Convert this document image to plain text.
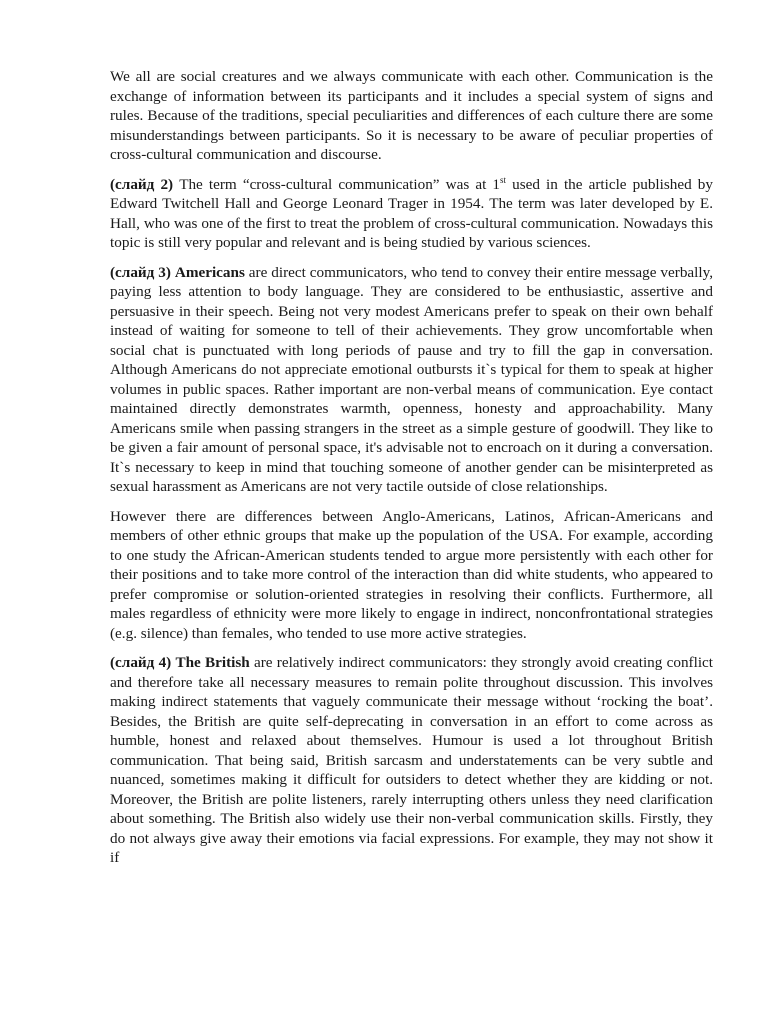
We all are social creatures and we always communicate with each other. Communication is the exchange of information between its participants and it includes a special system of signs and rules. Because of the traditions, special peculiarities and differences of each culture there are some misunderstandings between participants. So it is necessary to be aware of peculiar properties of cross-cultural communication and discourse.

(слайд 2) The term “cross-cultural communication” was at 1st used in the article published by Edward Twitchell Hall and George Leonard Trager in 1954. The term was later developed by E. Hall, who was one of the first to treat the problem of cross-cultural communication. Nowadays this topic is still very popular and relevant and is being studied by various sciences.

(слайд 3) Americans are direct communicators, who tend to convey their entire message verbally, paying less attention to body language. They are considered to be enthusiastic, assertive and persuasive in their speech. Being not very modest Americans prefer to speak on their own behalf instead of waiting for someone to tell of their achievements. They grow uncomfortable when social chat is punctuated with long periods of pause and try to fill the gap in conversation. Although Americans do not appreciate emotional outbursts it`s typical for them to speak at higher volumes in public spaces. Rather important are non-verbal means of communication. Eye contact maintained directly demonstrates warmth, openness, honesty and approachability. Many Americans smile when passing strangers in the street as a simple gesture of goodwill. They like to be given a fair amount of personal space, it's advisable not to encroach on it during a conversation. It`s necessary to keep in mind that touching someone of another gender can be misinterpreted as sexual harassment as Americans are not very tactile outside of close relationships.

However there are differences between Anglo-Americans, Latinos, African-Americans and members of other ethnic groups that make up the population of the USA. For example, according to one study the African-American students tended to argue more persistently with each other for their positions and to take more control of the interaction than did white students, who appeared to prefer compromise or solution-oriented strategies in resolving their conflicts. Furthermore, all males regardless of ethnicity were more likely to engage in indirect, nonconfrontational strategies (e.g. silence) than females, who tended to use more active strategies.

(слайд 4) The British are relatively indirect communicators: they strongly avoid creating conflict and therefore take all necessary measures to remain polite throughout discussion. This involves making indirect statements that vaguely communicate their message without ‘rocking the boat’. Besides, the British are quite self-deprecating in conversation in an effort to come across as humble, honest and relaxed about themselves. Humour is used a lot throughout British communication. That being said, British sarcasm and understatements can be very subtle and nuanced, sometimes making it difficult for outsiders to detect whether they are kidding or not. Moreover, the British are polite listeners, rarely interrupting others unless they need clarification about something. The British also widely use their non-verbal communication skills. Firstly, they do not always give away their emotions via facial expressions. For example, they may not show it if
